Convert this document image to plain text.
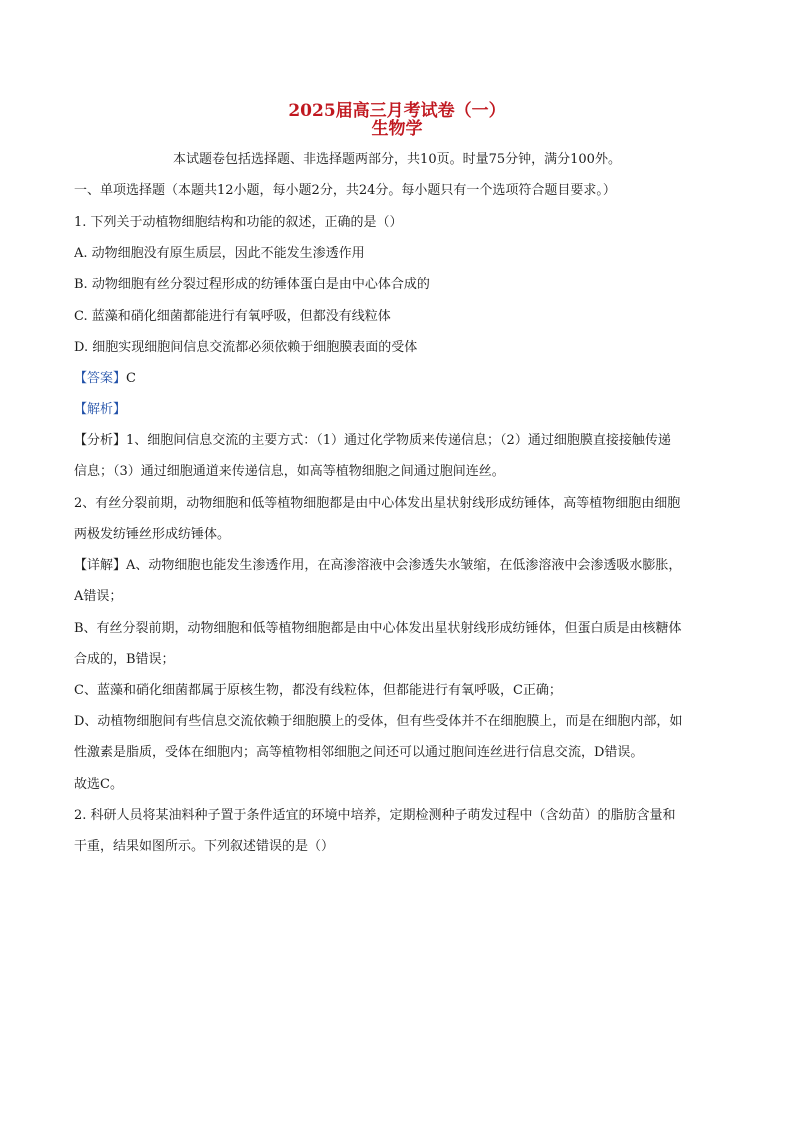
2025届高三月考试卷（一）
生物学
本试题卷包括选择题、非选择题两部分，共10页。时量75分钟，满分100外。
一、单项选择题（本题共12小题，每小题2分，共24分。每小题只有一个选项符合题目要求。）
1. 下列关于动植物细胞结构和功能的叙述，正确的是（）
A. 动物细胞没有原生质层，因此不能发生渗透作用
B. 动物细胞有丝分裂过程形成的纺锤体蛋白是由中心体合成的
C. 蓝藻和硝化细菌都能进行有氧呼吸，但都没有线粒体
D. 细胞实现细胞间信息交流都必须依赖于细胞膜表面的受体
【答案】C
【解析】
【分析】1、细胞间信息交流的主要方式：（1）通过化学物质来传递信息；（2）通过细胞膜直接接触传递
信息；（3）通过细胞通道来传递信息，如高等植物细胞之间通过胞间连丝。
2、有丝分裂前期，动物细胞和低等植物细胞都是由中心体发出星状射线形成纺锤体，高等植物细胞由细胞
两极发纺锤丝形成纺锤体。
【详解】A、动物细胞也能发生渗透作用，在高渗溶液中会渗透失水皱缩，在低渗溶液中会渗透吸水膨胀，
A错误；
B、有丝分裂前期，动物细胞和低等植物细胞都是由中心体发出星状射线形成纺锤体，但蛋白质是由核糖体
合成的，B错误；
C、蓝藻和硝化细菌都属于原核生物，都没有线粒体，但都能进行有氧呼吸，C正确；
D、动植物细胞间有些信息交流依赖于细胞膜上的受体，但有些受体并不在细胞膜上，而是在细胞内部，如
性激素是脂质，受体在细胞内；高等植物相邻细胞之间还可以通过胞间连丝进行信息交流，D错误。
故选C。
2. 科研人员将某油料种子置于条件适宜的环境中培养，定期检测种子萌发过程中（含幼苗）的脂肪含量和
干重，结果如图所示。下列叙述错误的是（）
